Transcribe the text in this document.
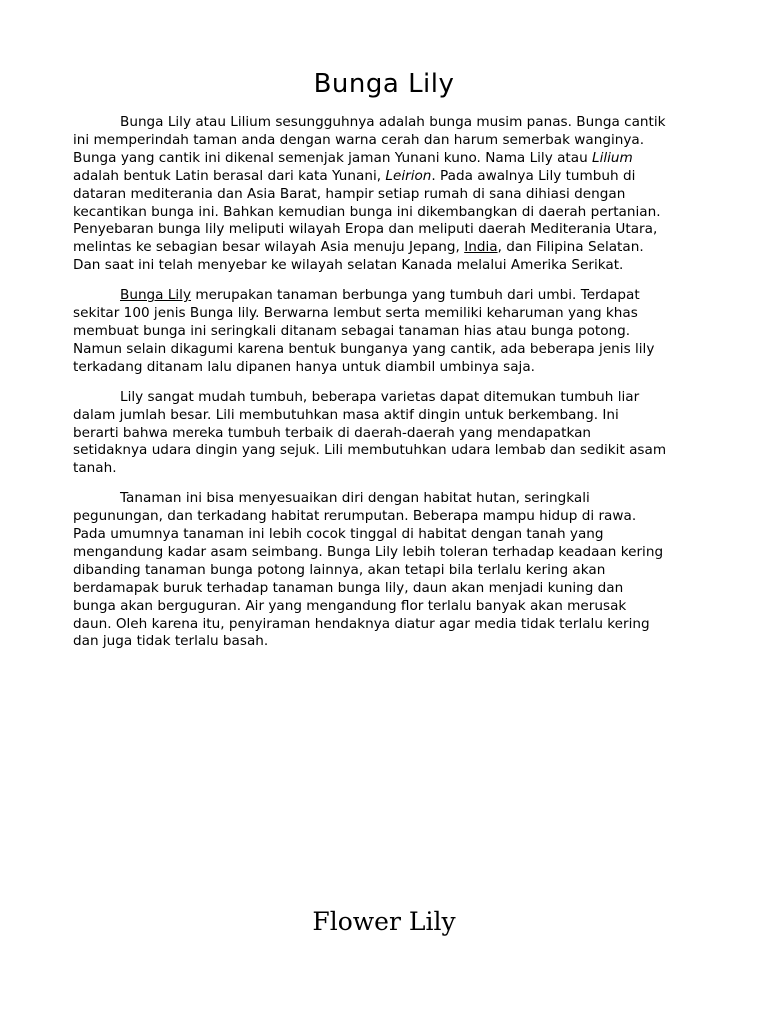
Bunga Lily

Bunga Lily atau Lilium sesungguhnya adalah bunga musim panas. Bunga cantik
ini memperindah taman anda dengan warna cerah dan harum semerbak wanginya.
Bunga yang cantik ini dikenal semenjak jaman Yunani kuno. Nama Lily atau Lilium
adalah bentuk Latin berasal dari kata Yunani, Leirion. Pada awalnya Lily tumbuh di
dataran mediterania dan Asia Barat, hampir setiap rumah di sana dihiasi dengan
kecantikan bunga ini. Bahkan kemudian bunga ini dikembangkan di daerah pertanian.
Penyebaran bunga lily meliputi wilayah Eropa dan meliputi daerah Mediterania Utara,
melintas ke sebagian besar wilayah Asia menuju Jepang, India, dan Filipina Selatan.
Dan saat ini telah menyebar ke wilayah selatan Kanada melalui Amerika Serikat.

Bunga Lily merupakan tanaman berbunga yang tumbuh dari umbi. Terdapat
sekitar 100 jenis Bunga lily. Berwarna lembut serta memiliki keharuman yang khas
membuat bunga ini seringkali ditanam sebagai tanaman hias atau bunga potong.
Namun selain dikagumi karena bentuk bunganya yang cantik, ada beberapa jenis lily
terkadang ditanam lalu dipanen hanya untuk diambil umbinya saja.

Lily sangat mudah tumbuh, beberapa varietas dapat ditemukan tumbuh liar
dalam jumlah besar. Lili membutuhkan masa aktif dingin untuk berkembang. Ini
berarti bahwa mereka tumbuh terbaik di daerah-daerah yang mendapatkan
setidaknya udara dingin yang sejuk. Lili membutuhkan udara lembab dan sedikit asam
tanah.

Tanaman ini bisa menyesuaikan diri dengan habitat hutan, seringkali
pegunungan, dan terkadang habitat rerumputan. Beberapa mampu hidup di rawa.
Pada umumnya tanaman ini lebih cocok tinggal di habitat dengan tanah yang
mengandung kadar asam seimbang. Bunga Lily lebih toleran terhadap keadaan kering
dibanding tanaman bunga potong lainnya, akan tetapi bila terlalu kering akan
berdamapak buruk terhadap tanaman bunga lily, daun akan menjadi kuning dan
bunga akan berguguran. Air yang mengandung flor terlalu banyak akan merusak
daun. Oleh karena itu, penyiraman hendaknya diatur agar media tidak terlalu kering
dan juga tidak terlalu basah.

Flower Lily
